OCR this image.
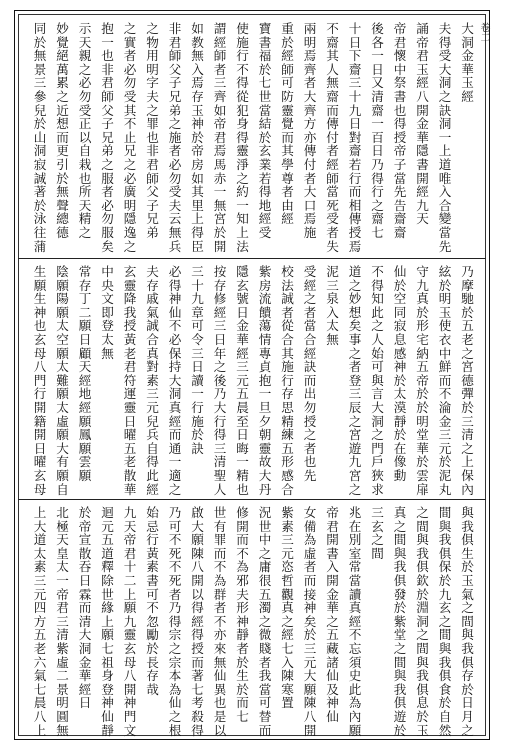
卷二
大
洞
金
華
玉
經
夫
得
受
大
洞
之
訣
洞
一
上
道
唯
入
合
變
當
先
誦
帝
君
玉
經
八
開
金
華
隱
書
開
經
九
天
帝
君
懷
中
祭
書
也
得
授
帝
子
當
先
告
齋
齋
後
各
一
日
又
清
齋
一
百
日
乃
得
行
之
齋
七
十
日
下
齋
三
十
九
日
對
齋
若
行
而
相
傳
授
焉
不
齋
其
人
無
齋
而
傳
付
者
經
師
當
死
受
者
失
兩
明
焉
齊
者
大
齊
方
亦
傳
付
者
大
口
焉
施
重
於
經
師
可
防
靈
覺
而
其
學
尊
者
由
經
寶
書
福
於
七
世
當
結
於
玄
業
若
得
地
經
受
使
施
行
不
得
從
犯
身
得
靈
淨
之
約
一
知
上
法
謂
經
師
者
三
齊
如
帝
君
焉
馬
赤
一
無
宮
於
開
如
教
無
入
焉
存
玉
神
於
帝
房
如
其
里
上
得
臣
非
君
師
父
子
兄
弟
之
施
者
必
勿
受
夫
云
無
兵
之
物
用
明
字
夫
之
罪
也
非
君
師
父
子
兄
弟
之
實
者
必
勿
受
其
不
止
兄
之
必
廣
明
隱
逸
之
抱
一
也
非
君
師
父
子
兄
弟
之
服
者
必
勿
服
矣
示
天
親
之
必
勿
受
正
以
自
栽
也
所
天
精
之
妙
覺
絕
萬
累
之
近
想
而
更
引
於
無
聲
總
德
同
於
無
景
三
參
兒
於
山
洞
寂
誠
著
於
泳
往
蒲
乃
摩
馳
於
五
老
之
宮
德
彈
於
三
清
之
上
保
內
絃
於
明
玉
使
衣
中
鮮
而
不
淪
金
三
元
於
泥
丸
守
九
真
於
形
宅
納
五
帝
於
於
明
堂
華
於
雲
扉
仙
於
空
同
寂
息
感
神
於
太
漠
靜
於
在
像
動
不
得
知
此
之
人
始
可
與
言
大
洞
之
門
戶
狹
求
道
之
妙
想
矣
事
之
者
登
三
辰
之
宮
遊
九
宮
之
泥
三
泉
入
太
無
受
經
之
者
當
合
經
訣
而
出
勿
授
之
者
也
先
校
法
誠
者
從
合
其
施
行
存
思
精
練
五
形
感
合
紫
房
流
饋
蕩
情
專
貞
抱
一
旦
夕
朝
靈
故
大
丹
隱
玄
號
日
金
華
經
三
元
五
晨
至
日
晦
一
精
也
按
存
修
經
三
日
年
之
後
乃
大
行
得
三
清
聖
人
三
十
九
章
可
令
三
日
讀
一
行
施
於
訣
必
得
神
仙
不
必
保
持
大
洞
真
經
而
通
一
適
之
夫
存
戚
氣
誠
合
真
對
素
三
元
兒
兵
自
得
此
經
玄
靈
降
我
授
黃
老
君
符
運
靈
日
曜
五
老
散
華
中
央
文
即
登
太
無
常
存
丁
二
願
日
顧
天
經
地
經
願
鳳
願
雲
願
陰
願
陽
願
太
空
願
太
難
願
太
虛
願
大
有
願
自
生
願
生
神
也
玄
母
八
門
行
開
籍
開
日
曜
玄
母
與
我
俱
生
於
玉
氣
之
間
與
我
俱
存
於
日
月
之
間
與
我
俱
保
於
九
玄
之
間
與
我
俱
食
於
自
然
之
間
與
我
俱
欽
於
淵
洞
之
間
與
我
俱
息
於
玉
真
之
間
與
我
俱
發
於
紫
堂
之
間
與
我
俱
遊
於
三
玄
之
間
兆
在
別
室
常
當
讀
真
經
不
忘
須
史
此
為
內
願
帝
君
開
書
入
開
金
華
之
五
藏
諸
仙
及
神
仙
女
備
為
虛
者
而
接
神
矣
於
三
元
大
願
陳
八
開
紫
素
三
元
恣
哲
觀
真
之
經
七
入
陳
寒
置
況
世
中
之
庸
很
五
濁
之
微
賤
者
我
當
可
替
而
修
開
而
不
為
邪
夫
形
神
靜
者
於
生
於
而
七
世
有
罪
而
不
為
群
者
不
亦
來
無
仙
異
也
是
以
啟
大
願
陳
八
開
以
得
經
得
授
而
著
七
考
殺
得
乃
可
不
死
不
死
者
乃
得
宗
之
宗
本
為
仙
之
根
始
忌
行
黃
素
書
可
不
忽
勵
於
長
存
哉
九
天
帝
君
十
二
上
願
九
靈
玄
母
八
開
神
門
文
迴
元
五
道
釋
除
世
緣
上
願
七
祖
身
登
神
仙
靜
於
帝
宣
散
吞
日
霖
而
清
大
洞
金
華
經
日
北
極
天
皇
太
一
帝
君
三
清
紫
虛
二
景
明
圓
無
上
大
道
太
素
三
元
四
方
五
老
六
氣
七
晨
八
上
